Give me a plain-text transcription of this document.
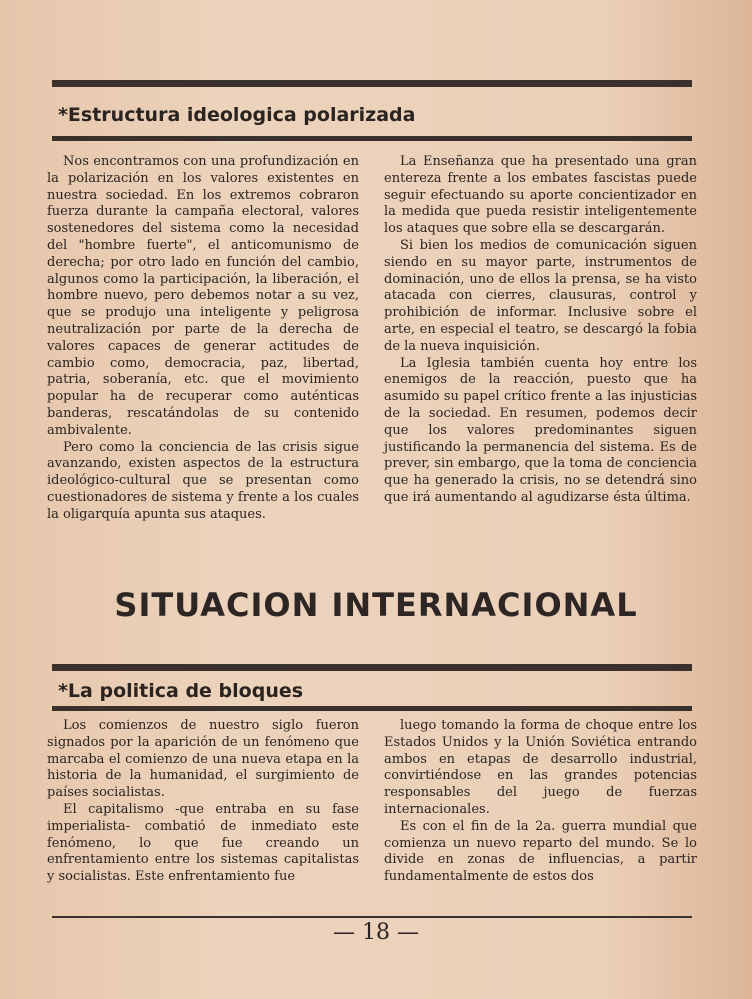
*Estructura ideologica polarizada

Nos encontramos con una profundización en la polarización en los valores existentes en nuestra sociedad. En los extremos cobraron fuerza durante la campaña electoral, valores sostenedores del sistema como la necesidad del "hombre fuerte", el anticomunismo de derecha; por otro lado en función del cambio, algunos como la participación, la liberación, el hombre nuevo, pero debemos notar a su vez, que se produjo una inteligente y peligrosa neutralización por parte de la derecha de valores capaces de generar actitudes de cambio como, democracia, paz, libertad, patria, soberanía, etc. que el movimiento popular ha de recuperar como auténticas banderas, rescatándolas de su contenido ambivalente.

Pero como la conciencia de las crisis sigue avanzando, existen aspectos de la estructura ideológico-cultural que se presentan como cuestionadores de sistema y frente a los cuales la oligarquía apunta sus ataques.

La Enseñanza que ha presentado una gran entereza frente a los embates fascistas puede seguir efectuando su aporte concientizador en la medida que pueda resistir inteligentemente los ataques que sobre ella se descargarán.

Si bien los medios de comunicación siguen siendo en su mayor parte, instrumentos de dominación, uno de ellos la prensa, se ha visto atacada con cierres, clausuras, control y prohibición de informar. Inclusive sobre el arte, en especial el teatro, se descargó la fobia de la nueva inquisición.

La Iglesia también cuenta hoy entre los enemigos de la reacción, puesto que ha asumido su papel crítico frente a las injusticias de la sociedad. En resumen, podemos decir que los valores predominantes siguen justificando la permanencia del sistema. Es de prever, sin embargo, que la toma de conciencia que ha generado la crisis, no se detendrá sino que irá aumentando al agudizarse ésta última.

SITUACION INTERNACIONAL
*La politica de bloques

Los comienzos de nuestro siglo fueron signados por la aparición de un fenómeno que marcaba el comienzo de una nueva etapa en la historia de la humanidad, el surgimiento de países socialistas.

El capitalismo -que entraba en su fase imperialista- combatió de inmediato este fenómeno, lo que fue creando un enfrentamiento entre los sistemas capitalistas y socialistas. Este enfrentamiento fue

luego tomando la forma de choque entre los Estados Unidos y la Unión Soviética entrando ambos en etapas de desarrollo industrial, convirtiéndose en las grandes potencias responsables del juego de fuerzas internacionales.

Es con el fin de la 2a. guerra mundial que comienza un nuevo reparto del mundo. Se lo divide en zonas de influencias, a partir fundamentalmente de estos dos

— 18 —
